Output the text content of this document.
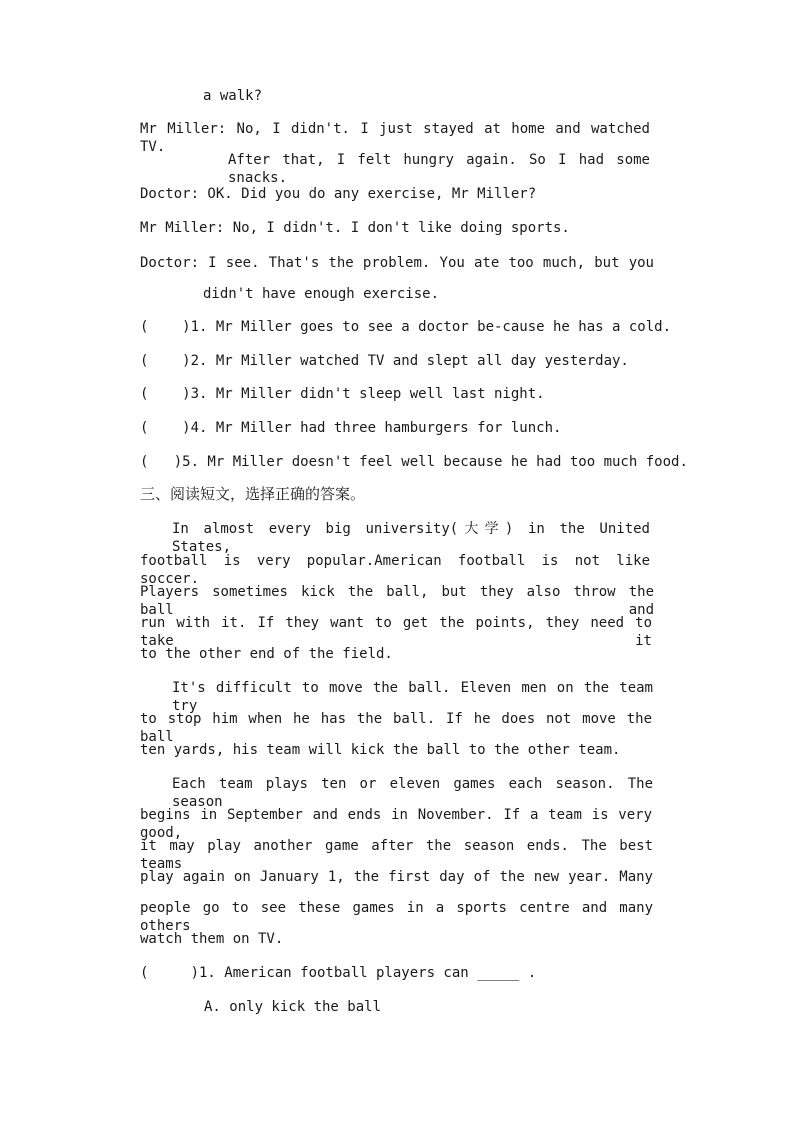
a walk?
Mr Miller: No, I didn't. I just stayed at home and watched TV.
After that, I felt hungry again. So I had some snacks.
Doctor: OK. Did you do any exercise, Mr Miller?
Mr Miller: No, I didn't. I don't like doing sports.
Doctor: I see. That's the problem. You ate too much, but you
didn't have enough exercise.
(    )1. Mr Miller goes to see a doctor be-cause he has a cold.
(    )2. Mr Miller watched TV and slept all day yesterday.
(    )3. Mr Miller didn't sleep well last night.
(    )4. Mr Miller had three hamburgers for lunch.
(   )5. Mr Miller doesn't feel well because he had too much food.
三、阅读短文，选择正确的答案。
In almost every big university(大学) in the United States,
football is very popular.American football is not like soccer.
Players sometimes kick the ball, but they also throw the ball and
run with it. If they want to get the points, they need to take it
to the other end of the field.
It's difficult to move the ball. Eleven men on the team try
to stop him when he has the ball. If he does not move the ball
ten yards, his team will kick the ball to the other team.
Each team plays ten or eleven games each season. The season
begins in September and ends in November. If a team is very good,
it may play another game after the season ends. The best teams
play again on January 1, the first day of the new year. Many
people go to see these games in a sports centre and many others
watch them on TV.
(     )1. American football players can _____ .
A. only kick the ball
